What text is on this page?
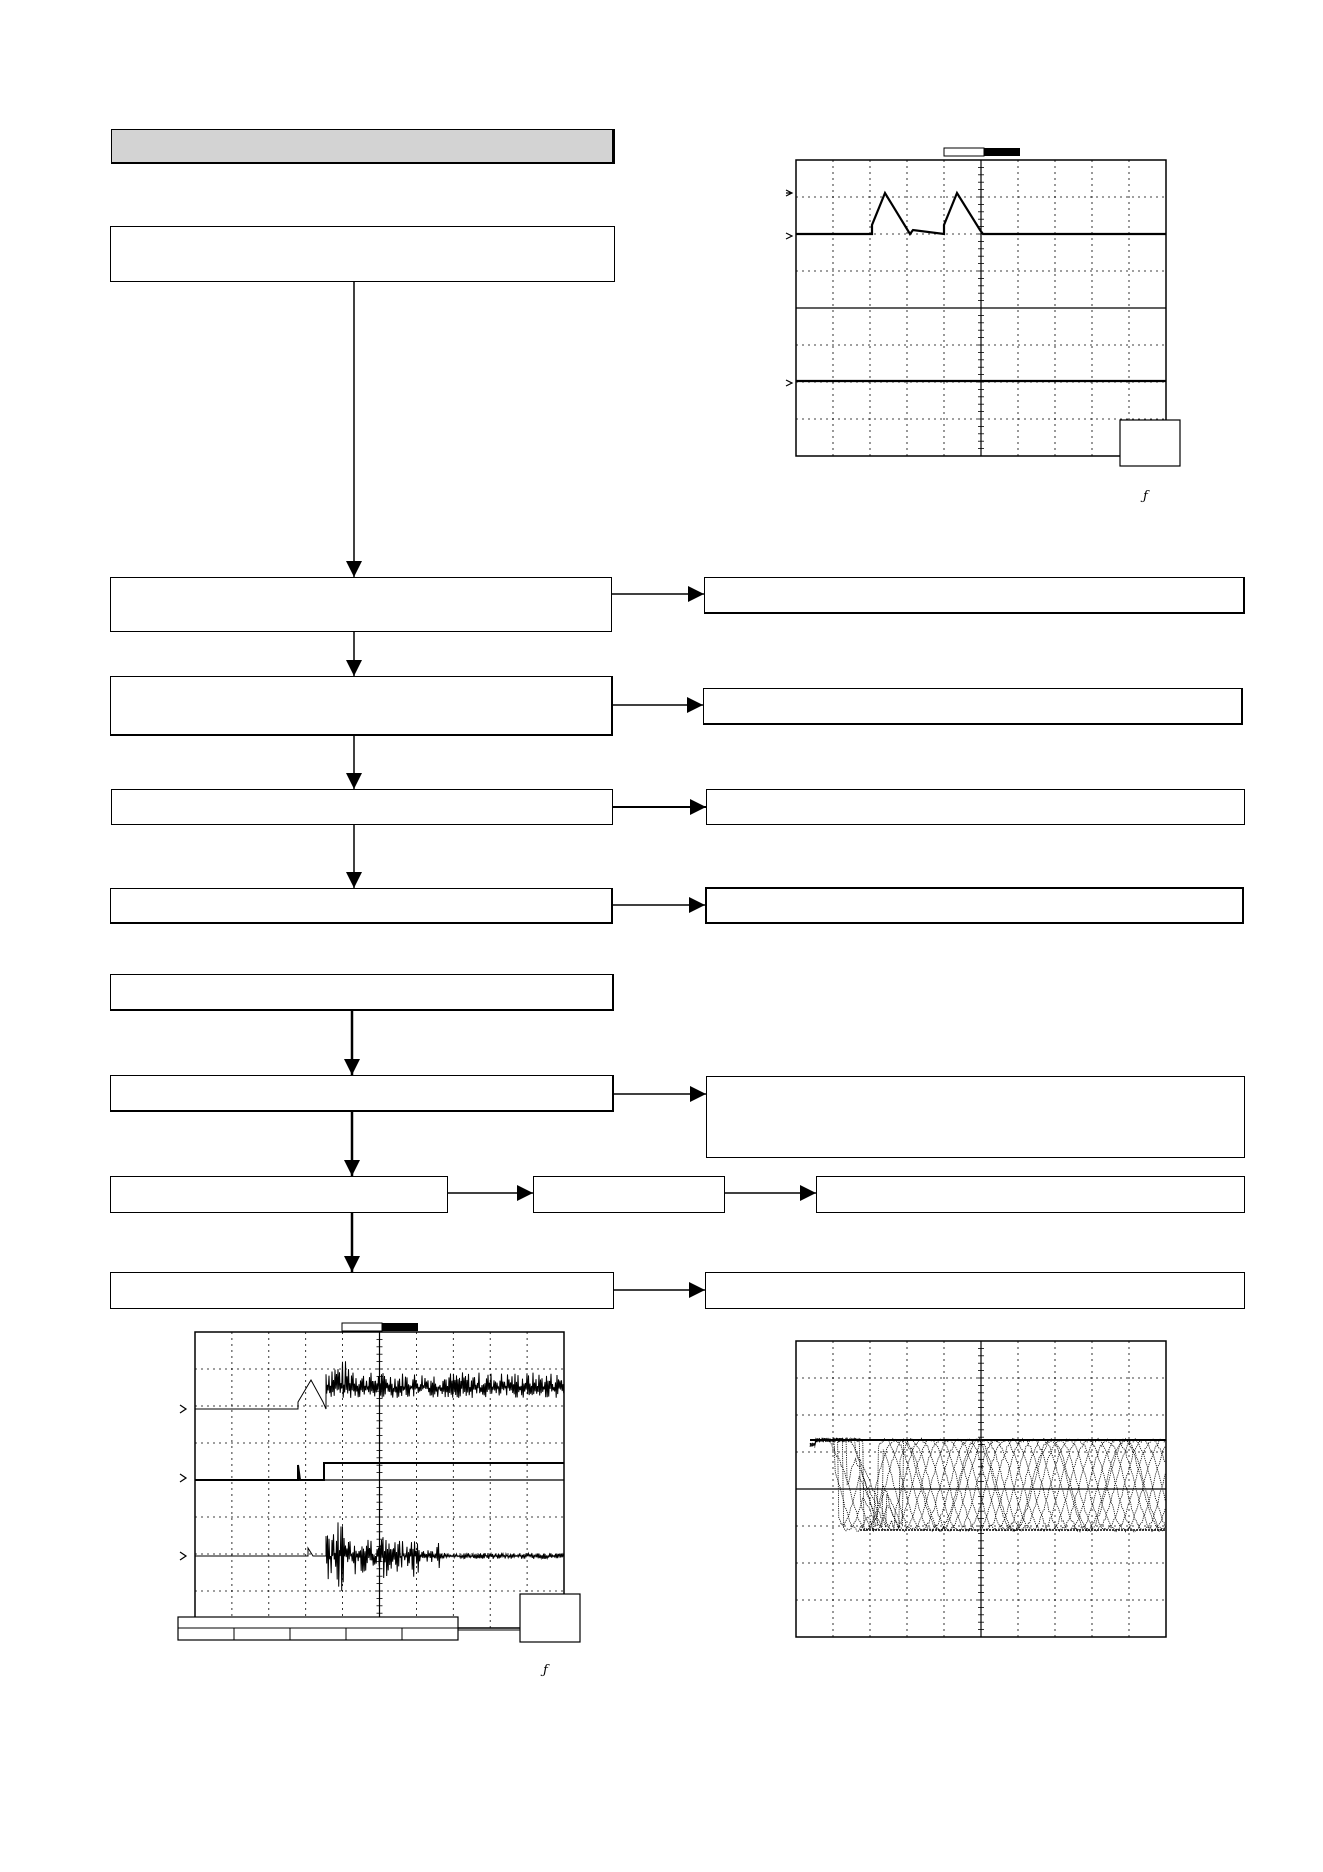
ƒ
ƒ
